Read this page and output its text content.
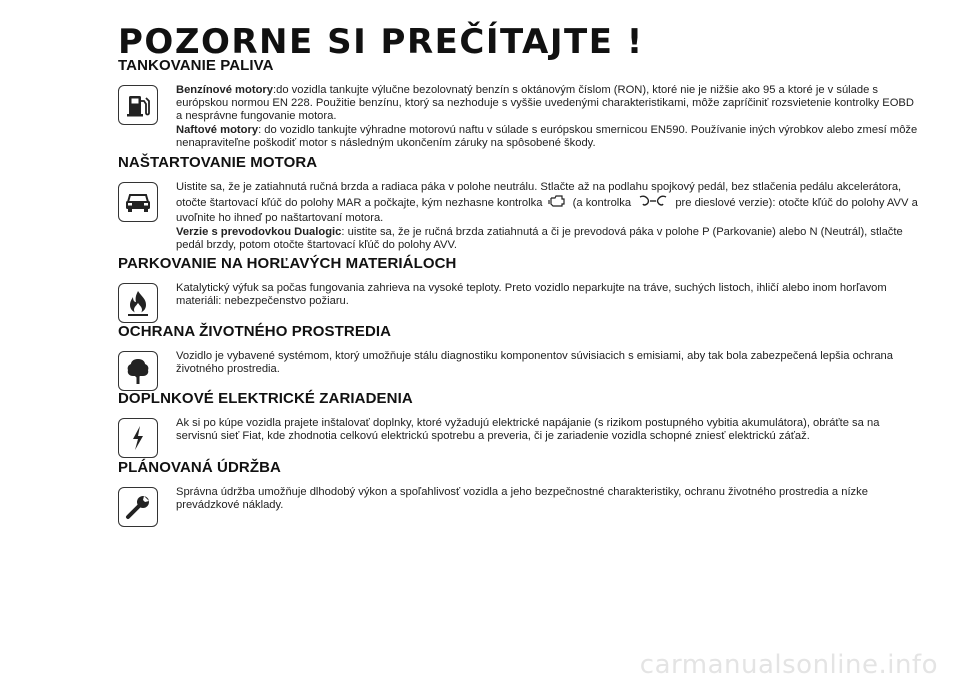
POZORNE SI PREČÍTAJTE !
TANKOVANIE PALIVA

Benzínové motory:do vozidla tankujte výlučne bezolovnatý benzín s oktánovým číslom (RON), ktoré nie je nižšie ako 95 a ktoré je v súlade s európskou normou EN 228. Použitie benzínu, ktorý sa nezhoduje s vyššie uvedenými charakteristikami, môže zapríčiniť rozsvietenie kontrolky EOBD a nesprávne fungovanie motora.

Naftové motory: do vozidlo tankujte výhradne motorovú naftu v súlade s európskou smernicou EN590. Používanie iných výrobkov alebo zmesí môže nenapraviteľne poškodiť motor s následným ukončením záruky na spôsobené škody.

NAŠTARTOVANIE MOTORA

Uistite sa, že je zatiahnutá ručná brzda a radiaca páka v polohe neutrálu. Stlačte až na podlahu spojkový pedál, bez stlačenia pedálu akcelerátora, otočte štartovací kľúč do polohy MAR a počkajte, kým nezhasne kontrolka	(a kontrolka	pre dieslové verzie): otočte kľúč do polohy AVV a uvoľnite ho ihneď po naštartovaní motora.

Verzie s prevodovkou Dualogic: uistite sa, že je ručná brzda zatiahnutá a či je prevodová páka v polohe P (Parkovanie) alebo N (Neutrál), stlačte pedál brzdy, potom otočte štartovací kľúč do polohy AVV.

PARKOVANIE NA HORĽAVÝCH MATERIÁLOCH

Katalytický výfuk sa počas fungovania zahrieva na vysoké teploty. Preto vozidlo neparkujte na tráve, suchých listoch, ihličí alebo inom horľavom materiáli: nebezpečenstvo požiaru.

OCHRANA ŽIVOTNÉHO PROSTREDIA

Vozidlo je vybavené systémom, ktorý umožňuje stálu diagnostiku komponentov súvisiacich s emisiami, aby tak bola zabezpečená lepšia ochrana životného prostredia.

DOPLNKOVÉ ELEKTRICKÉ ZARIADENIA

Ak si po kúpe vozidla prajete inštalovať doplnky, ktoré vyžadujú elektrické napájanie (s rizikom postupného vybitia akumulátora), obráťte sa na servisnú sieť Fiat, kde zhodnotia celkovú elektrickú spotrebu a preveria, či je zariadenie vozidla schopné zniesť elektrickú záťaž.

PLÁNOVANÁ ÚDRŽBA

Správna údržba umožňuje dlhodobý výkon a spoľahlivosť vozidla a jeho bezpečnostné charakteristiky, ochranu životného prostredia a nízke prevádzkové náklady.

carmanualsonline.info
